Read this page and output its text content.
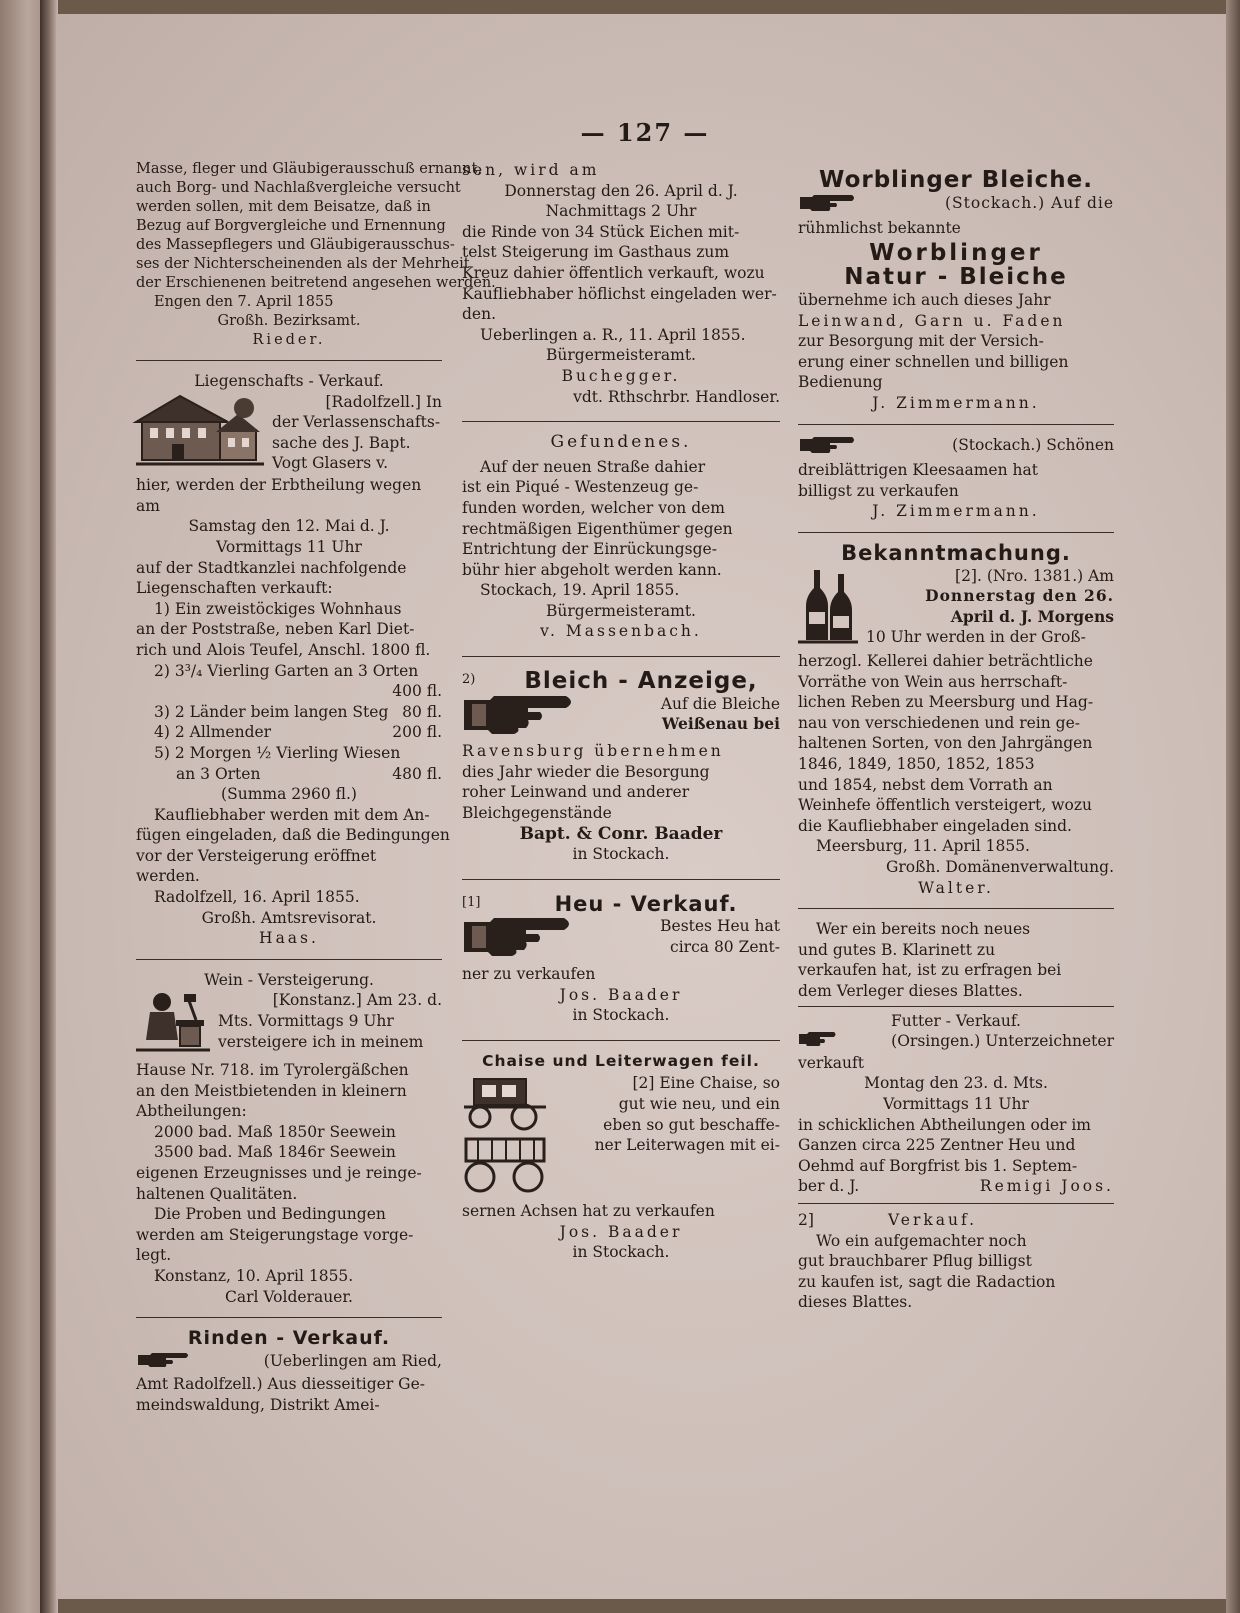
— 127 —
Masse, fleger und Gläubigerausschuß ernannt,
auch Borg- und Nachlaßvergleiche versucht
werden sollen, mit dem Beisatze, daß in
Bezug auf Borgvergleiche und Ernennung
des Massepflegers und Gläubigerausschus-
ses der Nichterscheinenden als der Mehrheit
der Erschienenen beitretend angesehen werden.
Engen den 7. April 1855
Großh. Bezirksamt.
Rieder.
Liegenschafts - Verkauf.
[Radolfzell.] In
der Verlassenschafts-
sache des J. Bapt.
Vogt Glasers v.
hier, werden der Erbtheilung wegen
am
Samstag den 12. Mai d. J.
Vormittags 11 Uhr
auf der Stadtkanzlei nachfolgende
Liegenschaften verkauft:
1) Ein zweistöckiges Wohnhaus
an der Poststraße, neben Karl Diet-
rich und Alois Teufel, Anschl. 1800 fl.
2) 3³/₄ Vierling Garten an 3 Orten
400 fl.
3) 2 Länder beim langen Steg 80 fl.
4) 2 Allmender	200 fl.
5) 2 Morgen ½ Vierling Wiesen
an 3 Orten	480 fl.
(Summa 2960 fl.)
Kaufliebhaber werden mit dem An-
fügen eingeladen, daß die Bedingungen
vor der Versteigerung eröffnet
werden.
Radolfzell, 16. April 1855.
Großh. Amtsrevisorat.
Haas.
Wein - Versteigerung.
[Konstanz.] Am 23. d.
Mts. Vormittags 9 Uhr
versteigere ich in meinem
Hause Nr. 718. im Tyrolergäßchen
an den Meistbietenden in kleinern
Abtheilungen:
2000 bad. Maß 1850r Seewein
3500 bad. Maß 1846r Seewein
eigenen Erzeugnisses und je reinge-
haltenen Qualitäten.
Die Proben und Bedingungen
werden am Steigerungstage vorge-
legt.
Konstanz, 10. April 1855.
Carl Volderauer.
Rinden - Verkauf.
(Ueberlingen am Ried,
Amt Radolfzell.) Aus diesseitiger Ge-
meindswaldung, Distrikt Amei-
sen, wird am
Donnerstag den 26. April d. J.
Nachmittags 2 Uhr
die Rinde von 34 Stück Eichen mit-
telst Steigerung im Gasthaus zum
Kreuz dahier öffentlich verkauft, wozu
Kaufliebhaber höflichst eingeladen wer-
den.
Ueberlingen a. R., 11. April 1855.
Bürgermeisteramt.
Buchegger.
vdt. Rthschrbr. Handloser.
Gefundenes.
Auf der neuen Straße dahier
ist ein Piqué - Westenzeug ge-
funden worden, welcher von dem
rechtmäßigen Eigenthümer gegen
Entrichtung der Einrückungsge-
bühr hier abgeholt werden kann.
Stockach, 19. April 1855.
Bürgermeisteramt.
v. Massenbach.
2)	Bleich - Anzeige,
Auf die Bleiche
Weißenau bei
Ravensburg übernehmen
dies Jahr wieder die Besorgung
roher Leinwand und anderer
Bleichgegenstände
Bapt. & Conr. Baader
in Stockach.
[1]	Heu - Verkauf.
Bestes Heu hat
circa 80 Zent-
ner zu verkaufen
Jos. Baader
in Stockach.
Chaise und Leiterwagen feil.
[2] Eine Chaise, so
gut wie neu, und ein
eben so gut beschaffe-
ner Leiterwagen mit ei-
sernen Achsen hat zu verkaufen
Jos. Baader
in Stockach.
Worblinger Bleiche.
(Stockach.) Auf die
rühmlichst bekannte
Worblinger
Natur - Bleiche
übernehme ich auch dieses Jahr
Leinwand, Garn u. Faden
zur Besorgung mit der Versich-
erung einer schnellen und billigen
Bedienung
J. Zimmermann.
(Stockach.) Schönen
dreiblättrigen Kleesaamen hat
billigst zu verkaufen
J. Zimmermann.
Bekanntmachung.
[2]. (Nro. 1381.) Am
Donnerstag den 26.
April d. J. Morgens
10 Uhr werden in der Groß-
herzogl. Kellerei dahier beträchtliche
Vorräthe von Wein aus herrschaft-
lichen Reben zu Meersburg und Hag-
nau von verschiedenen und rein ge-
haltenen Sorten, von den Jahrgängen
1846, 1849, 1850, 1852, 1853
und 1854, nebst dem Vorrath an
Weinhefe öffentlich versteigert, wozu
die Kaufliebhaber eingeladen sind.
Meersburg, 11. April 1855.
Großh. Domänenverwaltung.
Walter.
Wer ein bereits noch neues
und gutes B. Klarinett zu
verkaufen hat, ist zu erfragen bei
dem Verleger dieses Blattes.
Futter - Verkauf.
(Orsingen.) Unterzeichneter
verkauft
Montag den 23. d. Mts.
Vormittags 11 Uhr
in schicklichen Abtheilungen oder im
Ganzen circa 225 Zentner Heu und
Oehmd auf Borgfrist bis 1. Septem-
ber d. J.	Remigi Joos.
2]	Verkauf.
Wo ein aufgemachter noch
gut brauchbarer Pflug billigst
zu kaufen ist, sagt die Radaction
dieses Blattes.
